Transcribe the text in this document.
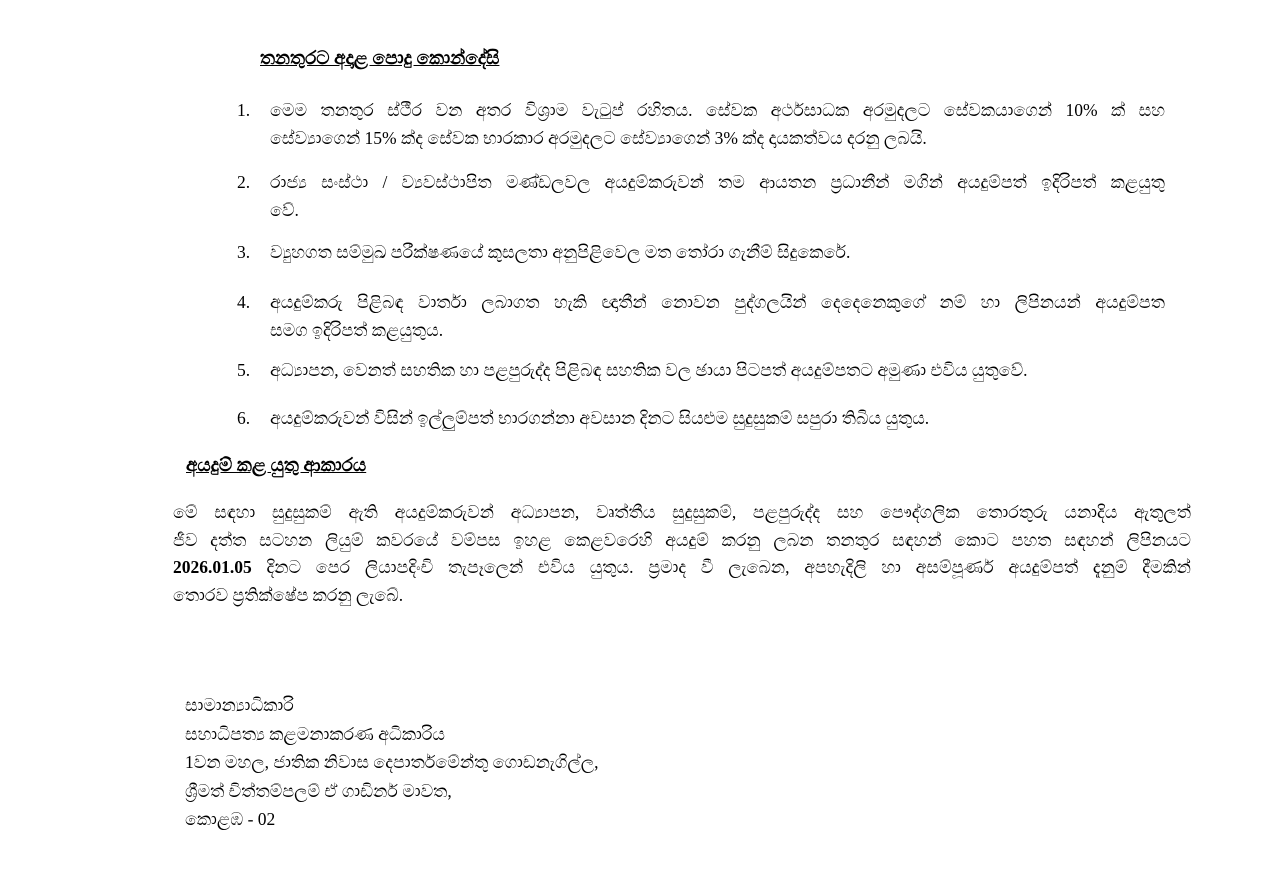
තනතුරට අදාළ පොදු කොන්දේසි
1.	මෙම තනතුර ස්ථීර වන අතර විශ්‍රාම වැටුප් රහිතය. සේවක අර්ථසාධක අරමුදලට සේවකයාගෙන් 10% ක් සහ
සේව්‍යාගෙන් 15% ක්ද සේවක භාරකාර අරමුදලට සේව්‍යාගෙන් 3% ක්ද දායකත්වය දරනු ලබයි.
2.	රාජ්‍ය සංස්ථා / ව්‍යවස්ථාපිත මණ්ඩලවල අයදුම්කරුවන් තම ආයතන ප්‍රධානීන් මගින් අයදුම්පත් ඉදිරිපත් කළයුතු
වේ.
3.	ව්‍යුහගත සම්මුඛ පරීක්ෂණයේ කුසලතා අනුපිළිවෙල මත තෝරා ගැනීම් සිදුකෙරේ.
4.	අයදුම්කරු පිළිබඳ වාර්තා ලබාගත හැකි ඥාතීන් නොවන පුද්ගලයින් දෙදෙනෙකුගේ නම් හා ලිපිනයන් අයදුම්පත
සමග ඉදිරිපත් කළයුතුය.
5.	අධ්‍යාපන, වෙනත් සහතික හා පළපුරුද්ද පිළිබඳ සහතික වල ඡායා පිටපත් අයදුම්පතට අමුණා එවිය යුතුවේ.
6.	අයදුම්කරුවන් විසින් ඉල්ලුම්පත් භාරගන්නා අවසාන දිනට සියළුම සුදුසුකම් සපුරා තිබිය යුතුය.
අයදුම් කළ යුතු ආකාරය
මේ සඳහා සුදුසුකම් ඇති අයදුම්කරුවන් අධ්‍යාපන, වෘත්තීය සුදුසුකම්, පළපුරුද්ද සහ පෞද්ගලික තොරතුරු යනාදිය ඇතුලත්
ජීව දත්ත සටහන ලියුම් කවරයේ වම්පස ඉහළ කෙළවරෙහි අයදුම් කරනු ලබන තනතුර සඳහන් කොට පහත සඳහන් ලිපිනයට
2026.01.05 දිනට පෙර ලියාපදිංචි තැපෑලෙන් එවිය යුතුය. ප්‍රමාද වී ලැබෙන, අපහැදිලි හා අසම්පූර්ණ අයදුම්පත් දැනුම් දීමකින්
තොරව ප්‍රතික්ෂේප කරනු ලැබේ.
සාමාන්‍යාධිකාරි
සහාධිපත්‍ය කළමනාකරණ අධිකාරිය
1වන මහල, ජාතික නිවාස දෙපාර්තමේන්තු ගොඩනැගිල්ල,
ශ්‍රීමත් චිත්තම්පලම් ඒ ගාඩිනර් මාවත,
කොළඹ - 02
